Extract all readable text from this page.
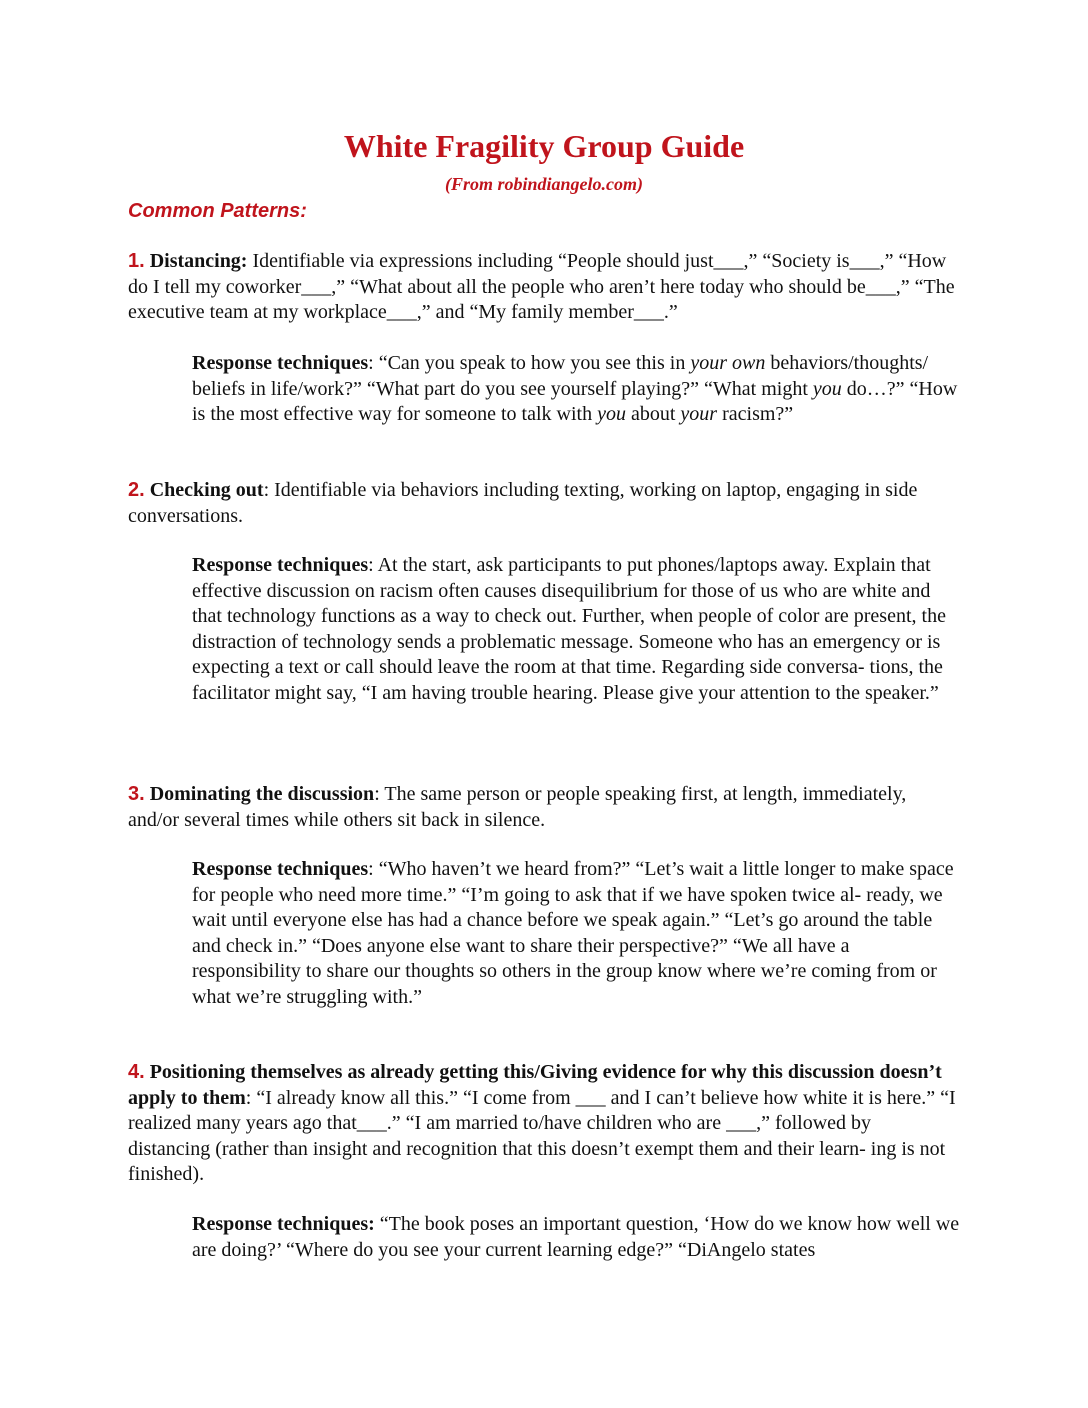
White Fragility Group Guide
(From robindiangelo.com)
Common Patterns:
1. Distancing: Identifiable via expressions including “People should just___,” “Society is___,” “How do I tell my coworker___,” “What about all the people who aren’t here today who should be___,” “The executive team at my workplace___,” and “My family member___.”
Response techniques: “Can you speak to how you see this in your own behaviors/thoughts/ beliefs in life/work?” “What part do you see yourself playing?” “What might you do…?” “How is the most effective way for someone to talk with you about your racism?”
2. Checking out: Identifiable via behaviors including texting, working on laptop, engaging in side conversations.
Response techniques: At the start, ask participants to put phones/laptops away. Explain that effective discussion on racism often causes disequilibrium for those of us who are white and that technology functions as a way to check out. Further, when people of color are present, the distraction of technology sends a problematic message. Someone who has an emergency or is expecting a text or call should leave the room at that time. Regarding side conversa- tions, the facilitator might say, “I am having trouble hearing. Please give your attention to the speaker.”
3. Dominating the discussion: The same person or people speaking first, at length, immediately, and/or several times while others sit back in silence.
Response techniques: “Who haven’t we heard from?” “Let’s wait a little longer to make space for people who need more time.” “I’m going to ask that if we have spoken twice al- ready, we wait until everyone else has had a chance before we speak again.” “Let’s go around the table and check in.” “Does anyone else want to share their perspective?” “We all have a responsibility to share our thoughts so others in the group know where we’re coming from or what we’re struggling with.”
4. Positioning themselves as already getting this/Giving evidence for why this discussion doesn’t apply to them: “I already know all this.” “I come from ___ and I can’t believe how white it is here.” “I realized many years ago that___.” “I am married to/have children who are ___,” followed by distancing (rather than insight and recognition that this doesn’t exempt them and their learn- ing is not finished).
Response techniques: “The book poses an important question, ‘How do we know how well we are doing?’ “Where do you see your current learning edge?” “DiAngelo states
